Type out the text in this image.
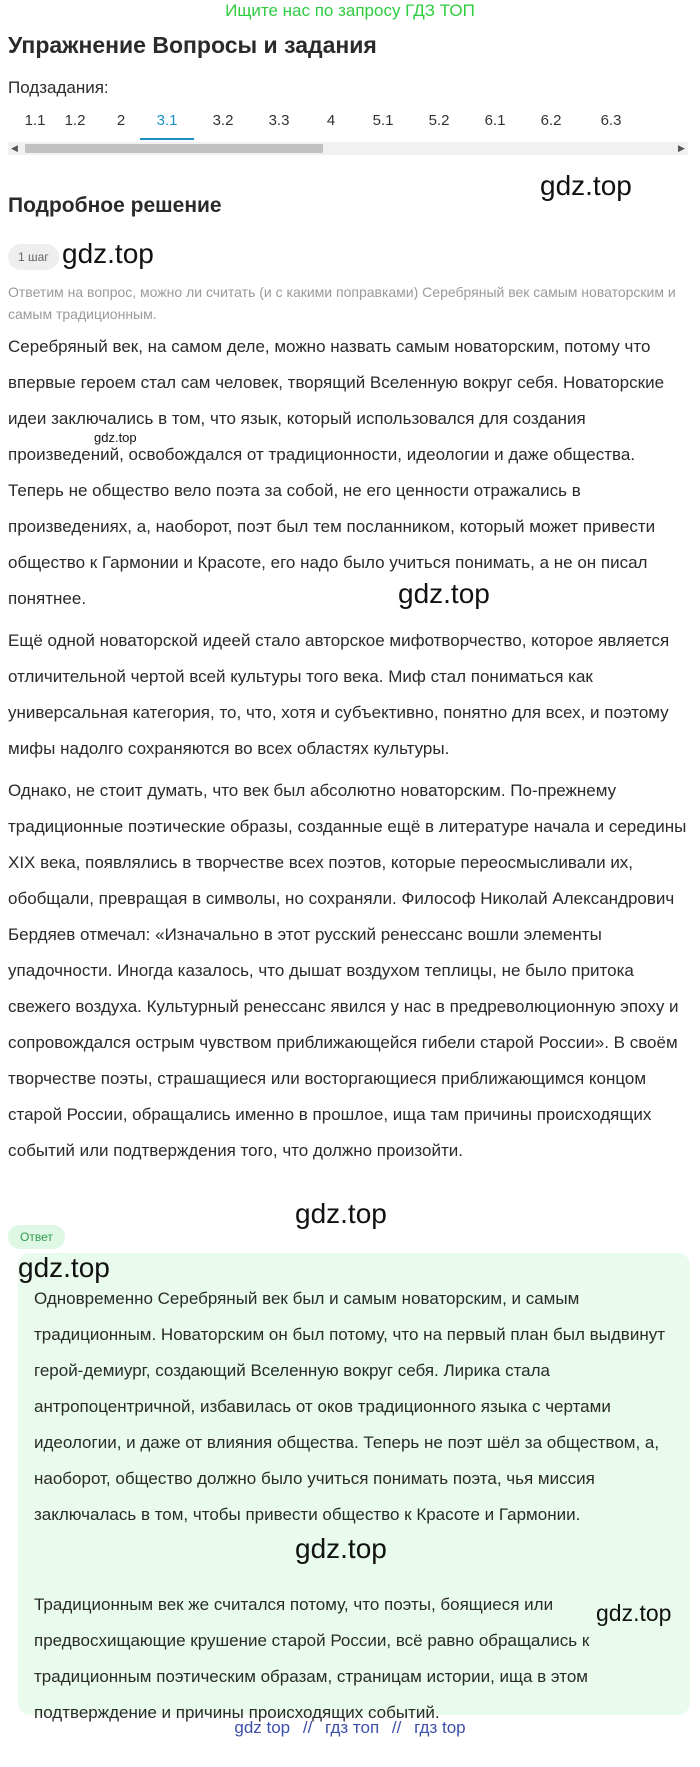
Ищите нас по запросу ГДЗ ТОП
Упражнение Вопросы и задания
Подзадания:
1.1	1.2	2	3.1	3.2	3.3	4	5.1	5.2	6.1	6.2	6.3
◀	▶
Подробное решение
gdz.top
1 шаг gdz.top

Ответим на вопрос, можно ли считать (и с какими поправками) Серебряный век самым новаторским и самым традиционным.

Серебряный век, на самом деле, можно назвать самым новаторским, потому что впервые героем стал сам человек, творящий Вселенную вокруг себя. Новаторские идеи заключались в том, что язык, который использовался для создания произведений, освобождался от традиционности, идеологии и даже общества. Теперь не общество вело поэта за собой, не его ценности отражались в произведениях, а, наоборот, поэт был тем посланником, который может привести общество к Гармонии и Красоте, его надо было учиться понимать, а не он писал понятнее.

gdz.top
gdz.top

Ещё одной новаторской идеей стало авторское мифотворчество, которое является отличительной чертой всей культуры того века. Миф стал пониматься как универсальная категория, то, что, хотя и субъективно, понятно для всех, и поэтому мифы надолго сохраняются во всех областях культуры.

Однако, не стоит думать, что век был абсолютно новаторским. По-прежнему традиционные поэтические образы, созданные ещё в литературе начала и середины XIX века, появлялись в творчестве всех поэтов, которые переосмысливали их, обобщали, превращая в символы, но сохраняли. Философ Николай Александрович Бердяев отмечал: «Изначально в этот русский ренессанс вошли элементы упадочности. Иногда казалось, что дышат воздухом теплицы, не было притока свежего воздуха. Культурный ренессанс явился у нас в предреволюционную эпоху и сопровождался острым чувством приближающейся гибели старой России». В своём творчестве поэты, страшащиеся или восторгающиеся приближающимся концом старой России, обращались именно в прошлое, ища там причины происходящих событий или подтверждения того, что должно произойти.

gdz.top
Ответ
gdz.top

Одновременно Серебряный век был и самым новаторским, и самым традиционным. Новаторским он был потому, что на первый план был выдвинут герой-демиург, создающий Вселенную вокруг себя. Лирика стала антропоцентричной, избавилась от оков традиционного языка с чертами идеологии, и даже от влияния общества. Теперь не поэт шёл за обществом, а, наоборот, общество должно было учиться понимать поэта, чья миссия заключалась в том, чтобы привести общество к Красоте и Гармонии.

gdz.top

Традиционным век же считался потому, что поэты, боящиеся или предвосхищающие крушение старой России, всё равно обращались к традиционным поэтическим образам, страницам истории, ища в этом подтверждение и причины происходящих событий.

gdz.top
gdz top // гдз топ // гдз top
